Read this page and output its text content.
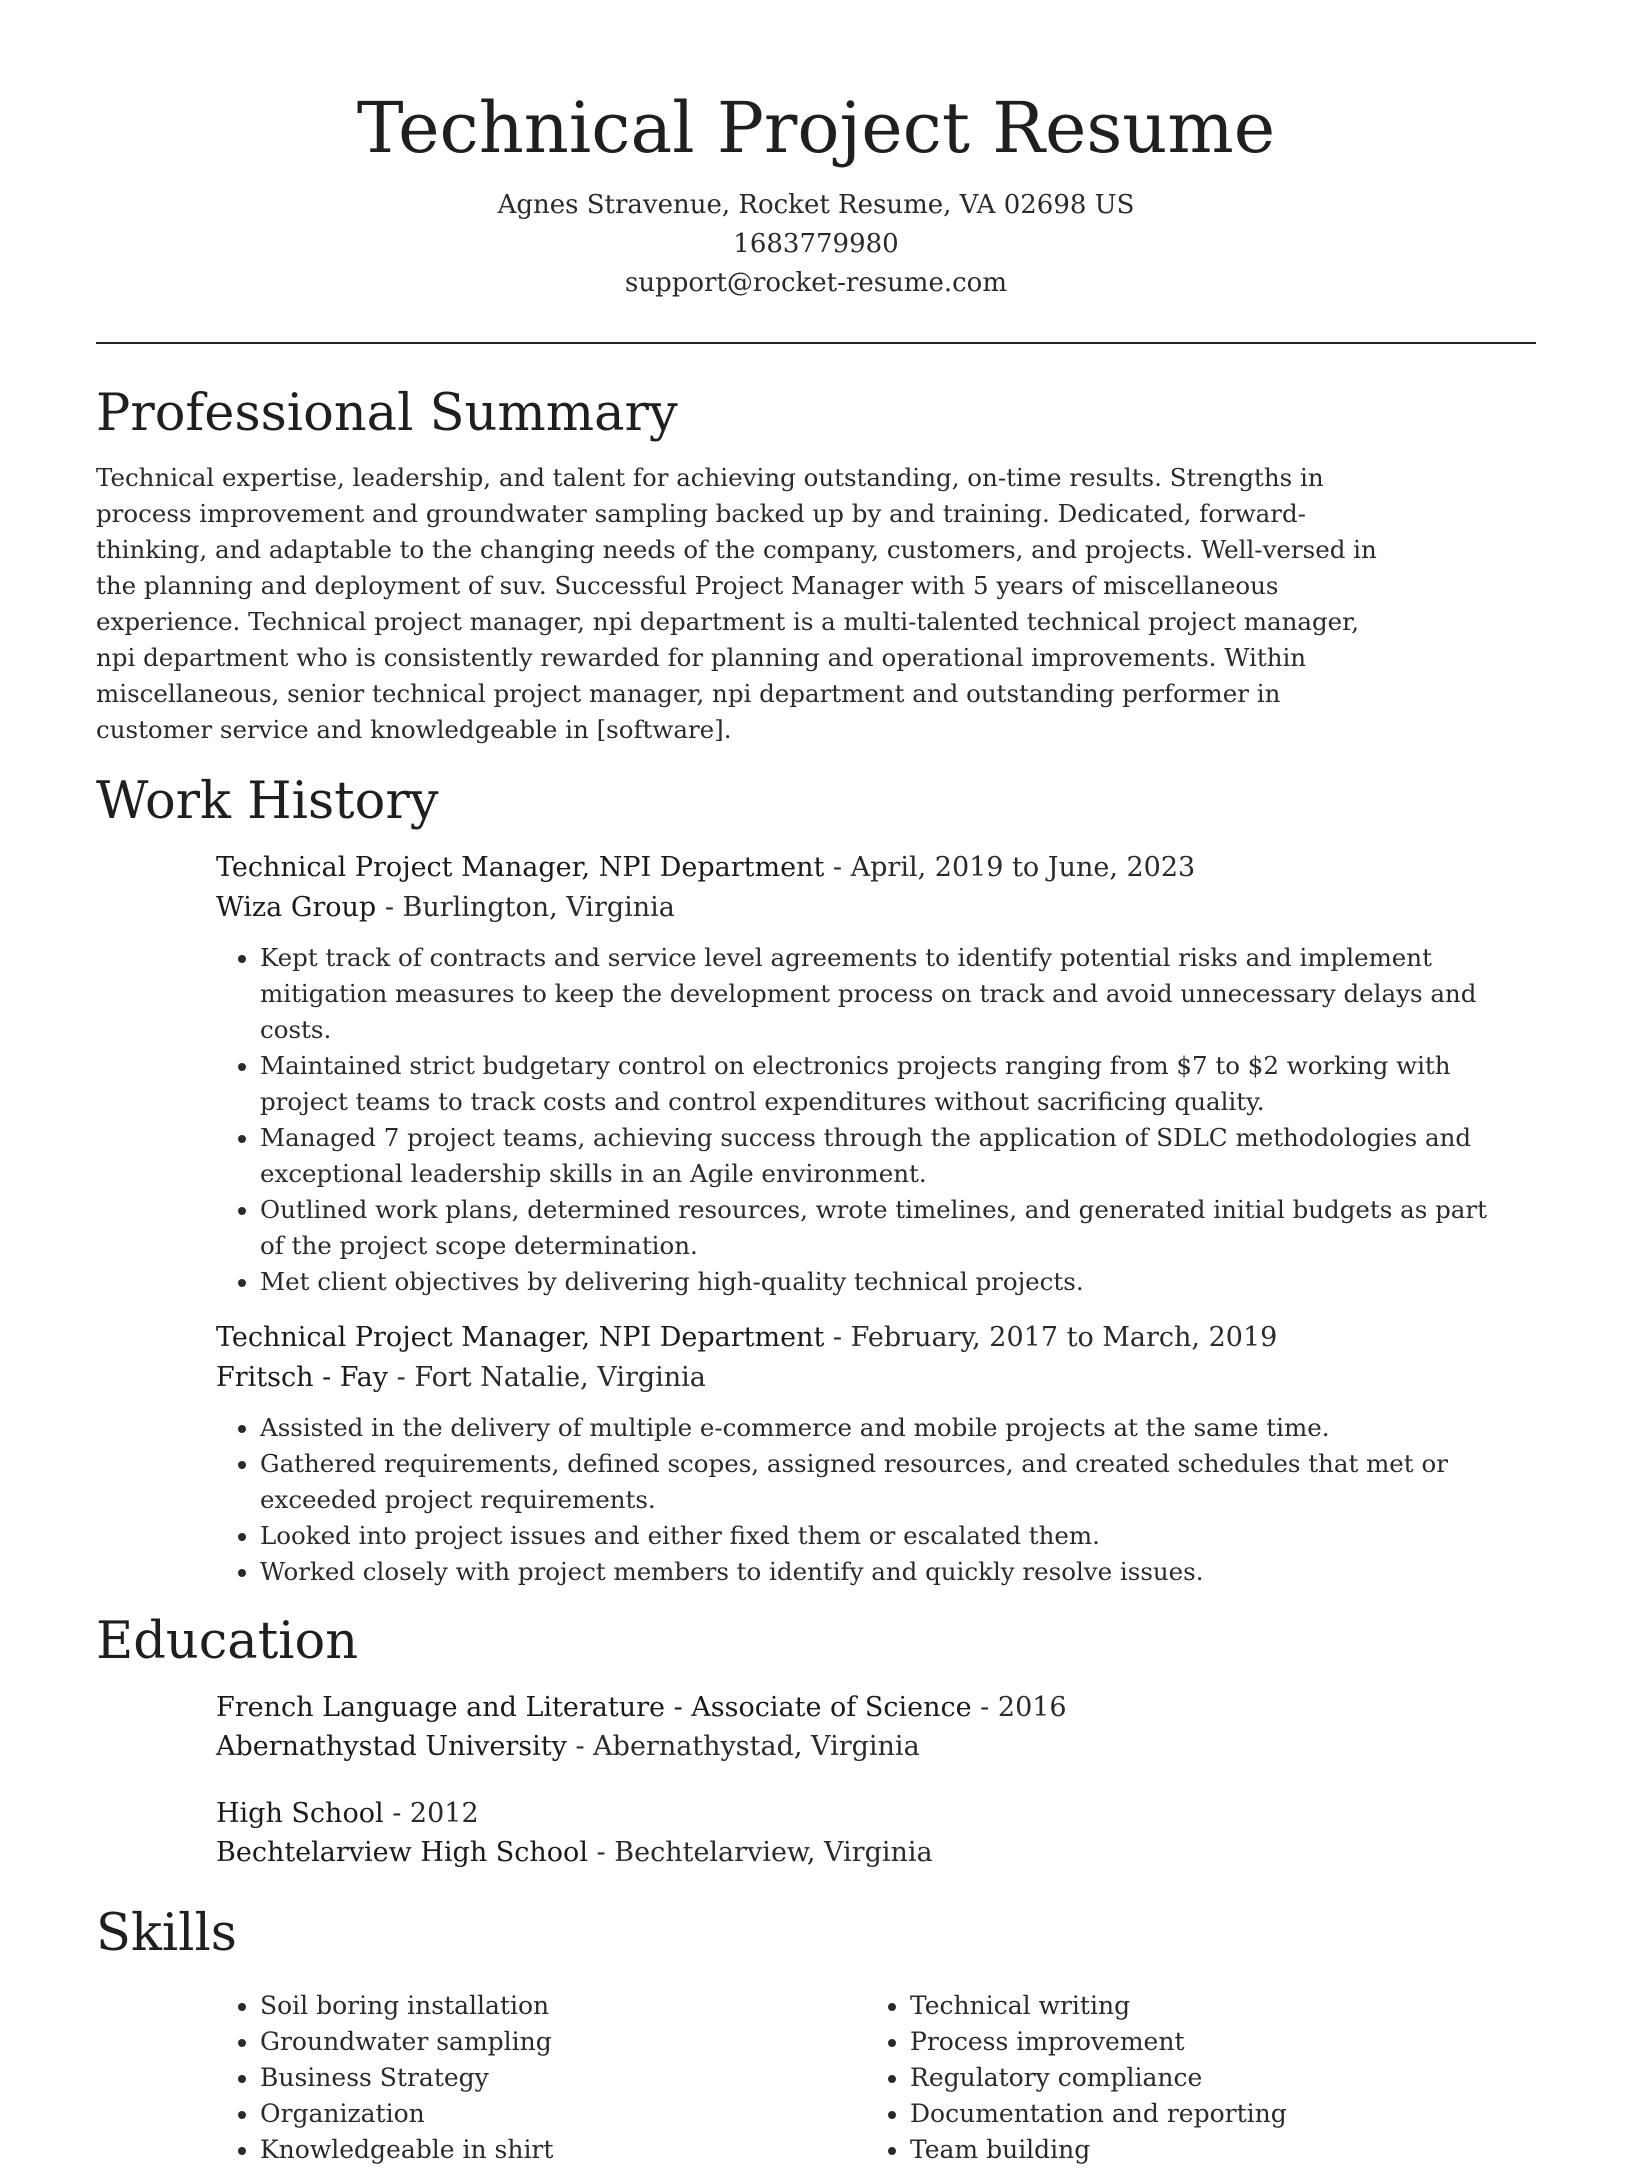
Technical Project Resume
Agnes Stravenue, Rocket Resume, VA 02698 US
1683779980
support@rocket-resume.com
Professional Summary

Technical expertise, leadership, and talent for achieving outstanding, on-time results. Strengths in process improvement and groundwater sampling backed up by and training. Dedicated, forward-thinking, and adaptable to the changing needs of the company, customers, and projects. Well-versed in the planning and deployment of suv. Successful Project Manager with 5 years of miscellaneous experience. Technical project manager, npi department is a multi-talented technical project manager, npi department who is consistently rewarded for planning and operational improvements. Within miscellaneous, senior technical project manager, npi department and outstanding performer in customer service and knowledgeable in [software].

Work History
Technical Project Manager, NPI Department - April, 2019 to June, 2023
Wiza Group - Burlington, Virginia
• Kept track of contracts and service level agreements to identify potential risks and implement mitigation measures to keep the development process on track and avoid unnecessary delays and costs.
• Maintained strict budgetary control on electronics projects ranging from $7 to $2 working with project teams to track costs and control expenditures without sacrificing quality.
• Managed 7 project teams, achieving success through the application of SDLC methodologies and exceptional leadership skills in an Agile environment.
• Outlined work plans, determined resources, wrote timelines, and generated initial budgets as part of the project scope determination.
• Met client objectives by delivering high-quality technical projects.
Technical Project Manager, NPI Department - February, 2017 to March, 2019
Fritsch - Fay - Fort Natalie, Virginia
• Assisted in the delivery of multiple e-commerce and mobile projects at the same time.
• Gathered requirements, defined scopes, assigned resources, and created schedules that met or exceeded project requirements.
• Looked into project issues and either fixed them or escalated them.
• Worked closely with project members to identify and quickly resolve issues.
Education
French Language and Literature - Associate of Science - 2016
Abernathystad University - Abernathystad, Virginia
High School - 2012
Bechtelarview High School - Bechtelarview, Virginia
Skills
• Soil boring installation
• Groundwater sampling
• Business Strategy
• Organization
• Knowledgeable in shirt
• Technical writing
• Process improvement
• Regulatory compliance
• Documentation and reporting
• Team building
